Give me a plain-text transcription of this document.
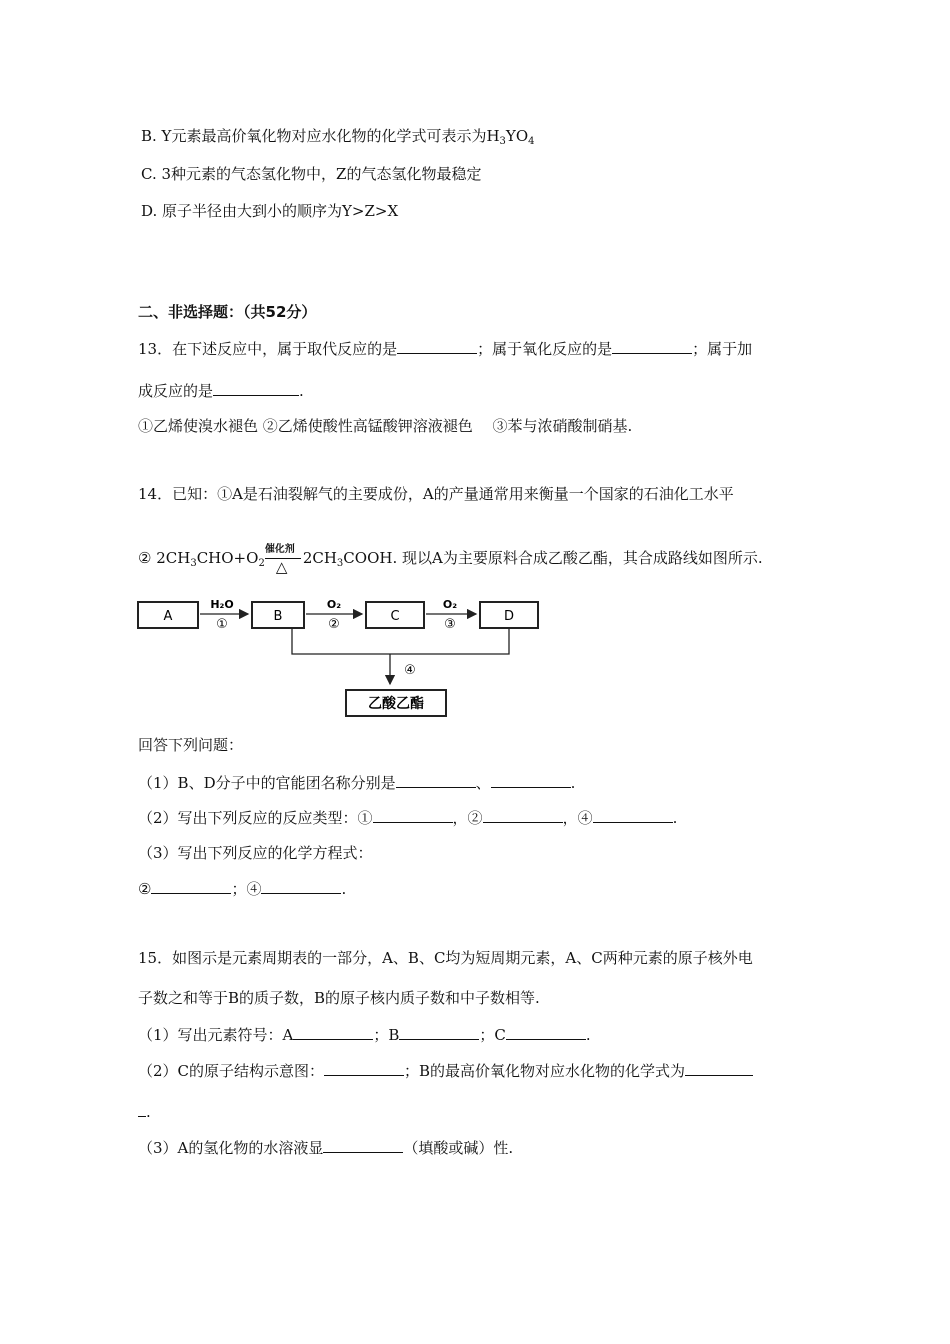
B. Y元素最高价氧化物对应水化物的化学式可表示为$H_3YO_4$
C. 3种元素的气态氢化物中，Z的气态氢化物最稳定
D. 原子半径由大到小的顺序为Y>Z>X
二、非选择题：（共52分）
13．在下述反应中，属于取代反应的是	；属于氧化反应的是	；属于加
成反应的是	.
①乙烯使溴水褪色 ②乙烯使酸性高锰酸钾溶液褪色　 ③苯与浓硝酸制硝基.
14．已知：①A是石油裂解气的主要成份，A的产量通常用来衡量一个国家的石油化工水平
② $2CH_3CHO+O_2$
催化剂
△ $2CH_3COOH$. 现以A为主要原料合成乙酸乙酯，其合成路线如图所示.
A
H₂O
①
B
O₂
②
C
O₂
③
D
④
乙酸乙酯
回答下列问题：
（1）B、D分子中的官能团名称分别是	、	.
（2）写出下列反应的反应类型：①	，②	，④	.
（3）写出下列反应的化学方程式：
②	；④	.
15．如图示是元素周期表的一部分，A、B、C均为短周期元素，A、C两种元素的原子核外电
子数之和等于B的质子数，B的原子核内质子数和中子数相等.
（1）写出元素符号：A	；B	；C	.
（2）C的原子结构示意图：	；B的最高价氧化物对应水化物的化学式为
.
（3）A的氢化物的水溶液显	（填酸或碱）性.
